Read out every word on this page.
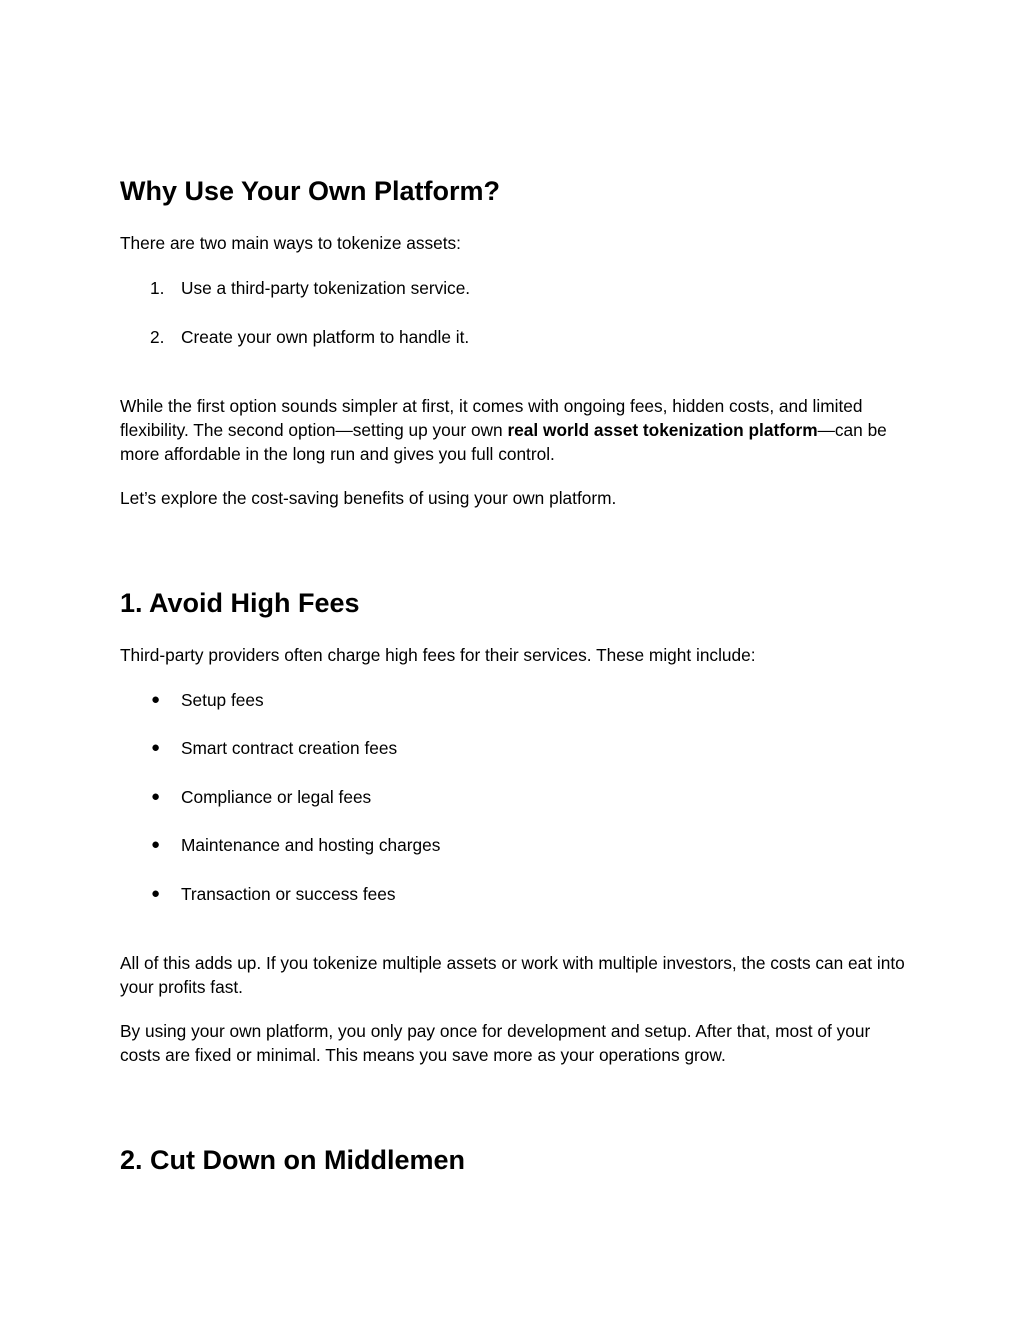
Why Use Your Own Platform?

There are two main ways to tokenize assets:

1. Use a third-party tokenization service.
2. Create your own platform to handle it.

While the first option sounds simpler at first, it comes with ongoing fees, hidden costs, and limited flexibility. The second option—setting up your own real world asset tokenization platform—can be more affordable in the long run and gives you full control.

Let’s explore the cost-saving benefits of using your own platform.

1. Avoid High Fees

Third-party providers often charge high fees for their services. These might include:

● Setup fees
● Smart contract creation fees
● Compliance or legal fees
● Maintenance and hosting charges
● Transaction or success fees

All of this adds up. If you tokenize multiple assets or work with multiple investors, the costs can eat into your profits fast.

By using your own platform, you only pay once for development and setup. After that, most of your costs are fixed or minimal. This means you save more as your operations grow.

2. Cut Down on Middlemen
